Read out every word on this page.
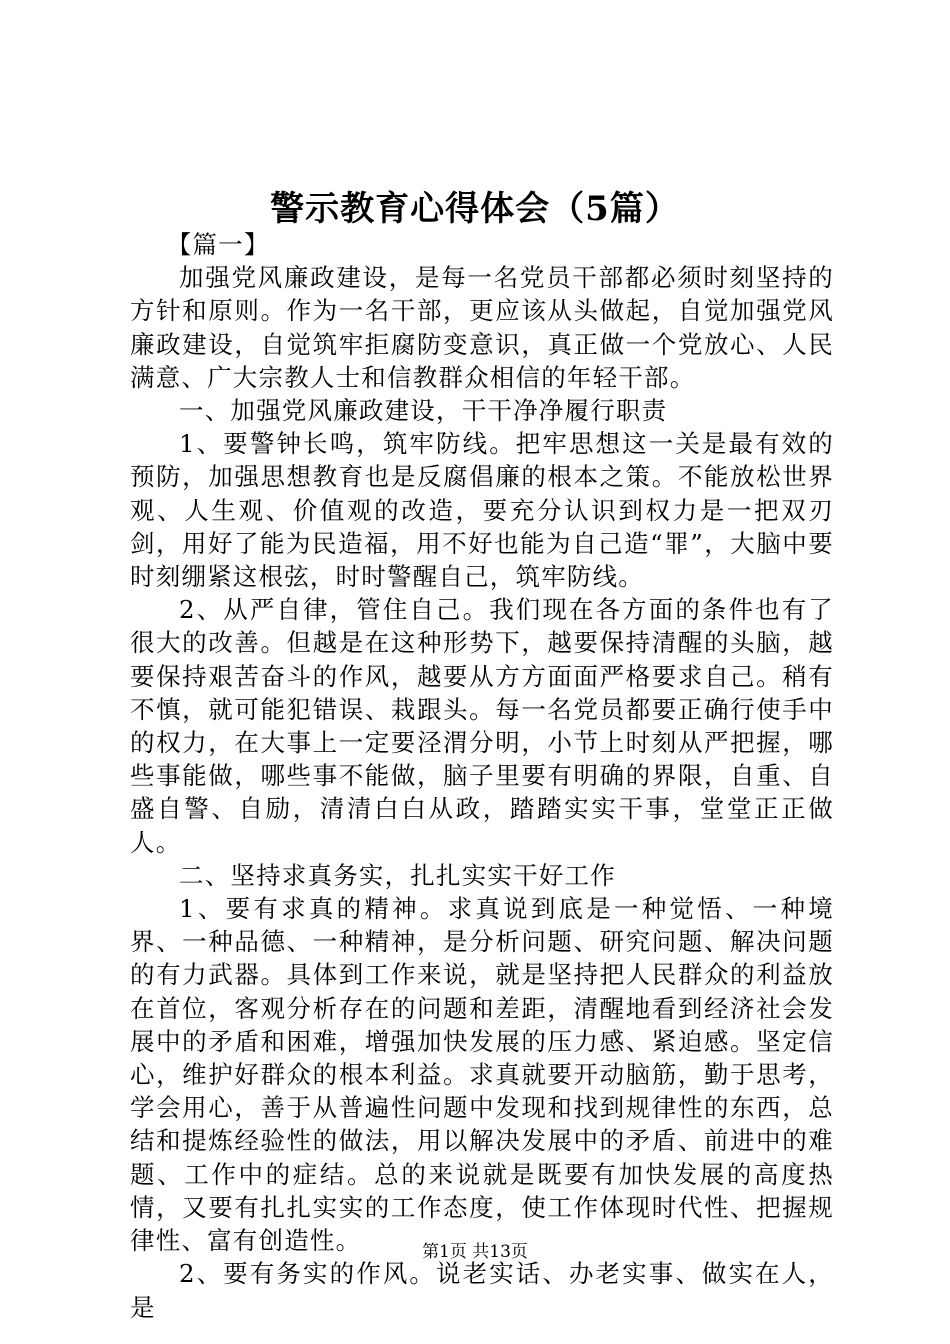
警示教育心得体会（5篇）

【篇一】

加强党风廉政建设，是每一名党员干部都必须时刻坚持的方针和原则。作为一名干部，更应该从头做起，自觉加强党风廉政建设，自觉筑牢拒腐防变意识，真正做一个党放心、人民满意、广大宗教人士和信教群众相信的年轻干部。

一、加强党风廉政建设，干干净净履行职责

1、要警钟长鸣，筑牢防线。把牢思想这一关是最有效的预防，加强思想教育也是反腐倡廉的根本之策。不能放松世界观、人生观、价值观的改造，要充分认识到权力是一把双刃剑，用好了能为民造福，用不好也能为自己造“罪”，大脑中要时刻绷紧这根弦，时时警醒自己，筑牢防线。

2、从严自律，管住自己。我们现在各方面的条件也有了很大的改善。但越是在这种形势下，越要保持清醒的头脑，越要保持艰苦奋斗的作风，越要从方方面面严格要求自己。稍有不慎，就可能犯错误、栽跟头。每一名党员都要正确行使手中的权力，在大事上一定要泾渭分明，小节上时刻从严把握，哪些事能做，哪些事不能做，脑子里要有明确的界限，自重、自盛自警、自励，清清白白从政，踏踏实实干事，堂堂正正做人。

二、坚持求真务实，扎扎实实干好工作

1、要有求真的精神。求真说到底是一种觉悟、一种境界、一种品德、一种精神，是分析问题、研究问题、解决问题的有力武器。具体到工作来说，就是坚持把人民群众的利益放在首位，客观分析存在的问题和差距，清醒地看到经济社会发展中的矛盾和困难，增强加快发展的压力感、紧迫感。坚定信心，维护好群众的根本利益。求真就要开动脑筋，勤于思考，学会用心，善于从普遍性问题中发现和找到规律性的东西，总结和提炼经验性的做法，用以解决发展中的矛盾、前进中的难题、工作中的症结。总的来说就是既要有加快发展的高度热情，又要有扎扎实实的工作态度，使工作体现时代性、把握规律性、富有创造性。

2、要有务实的作风。说老实话、办老实事、做实在人，是

第1页 共13页
